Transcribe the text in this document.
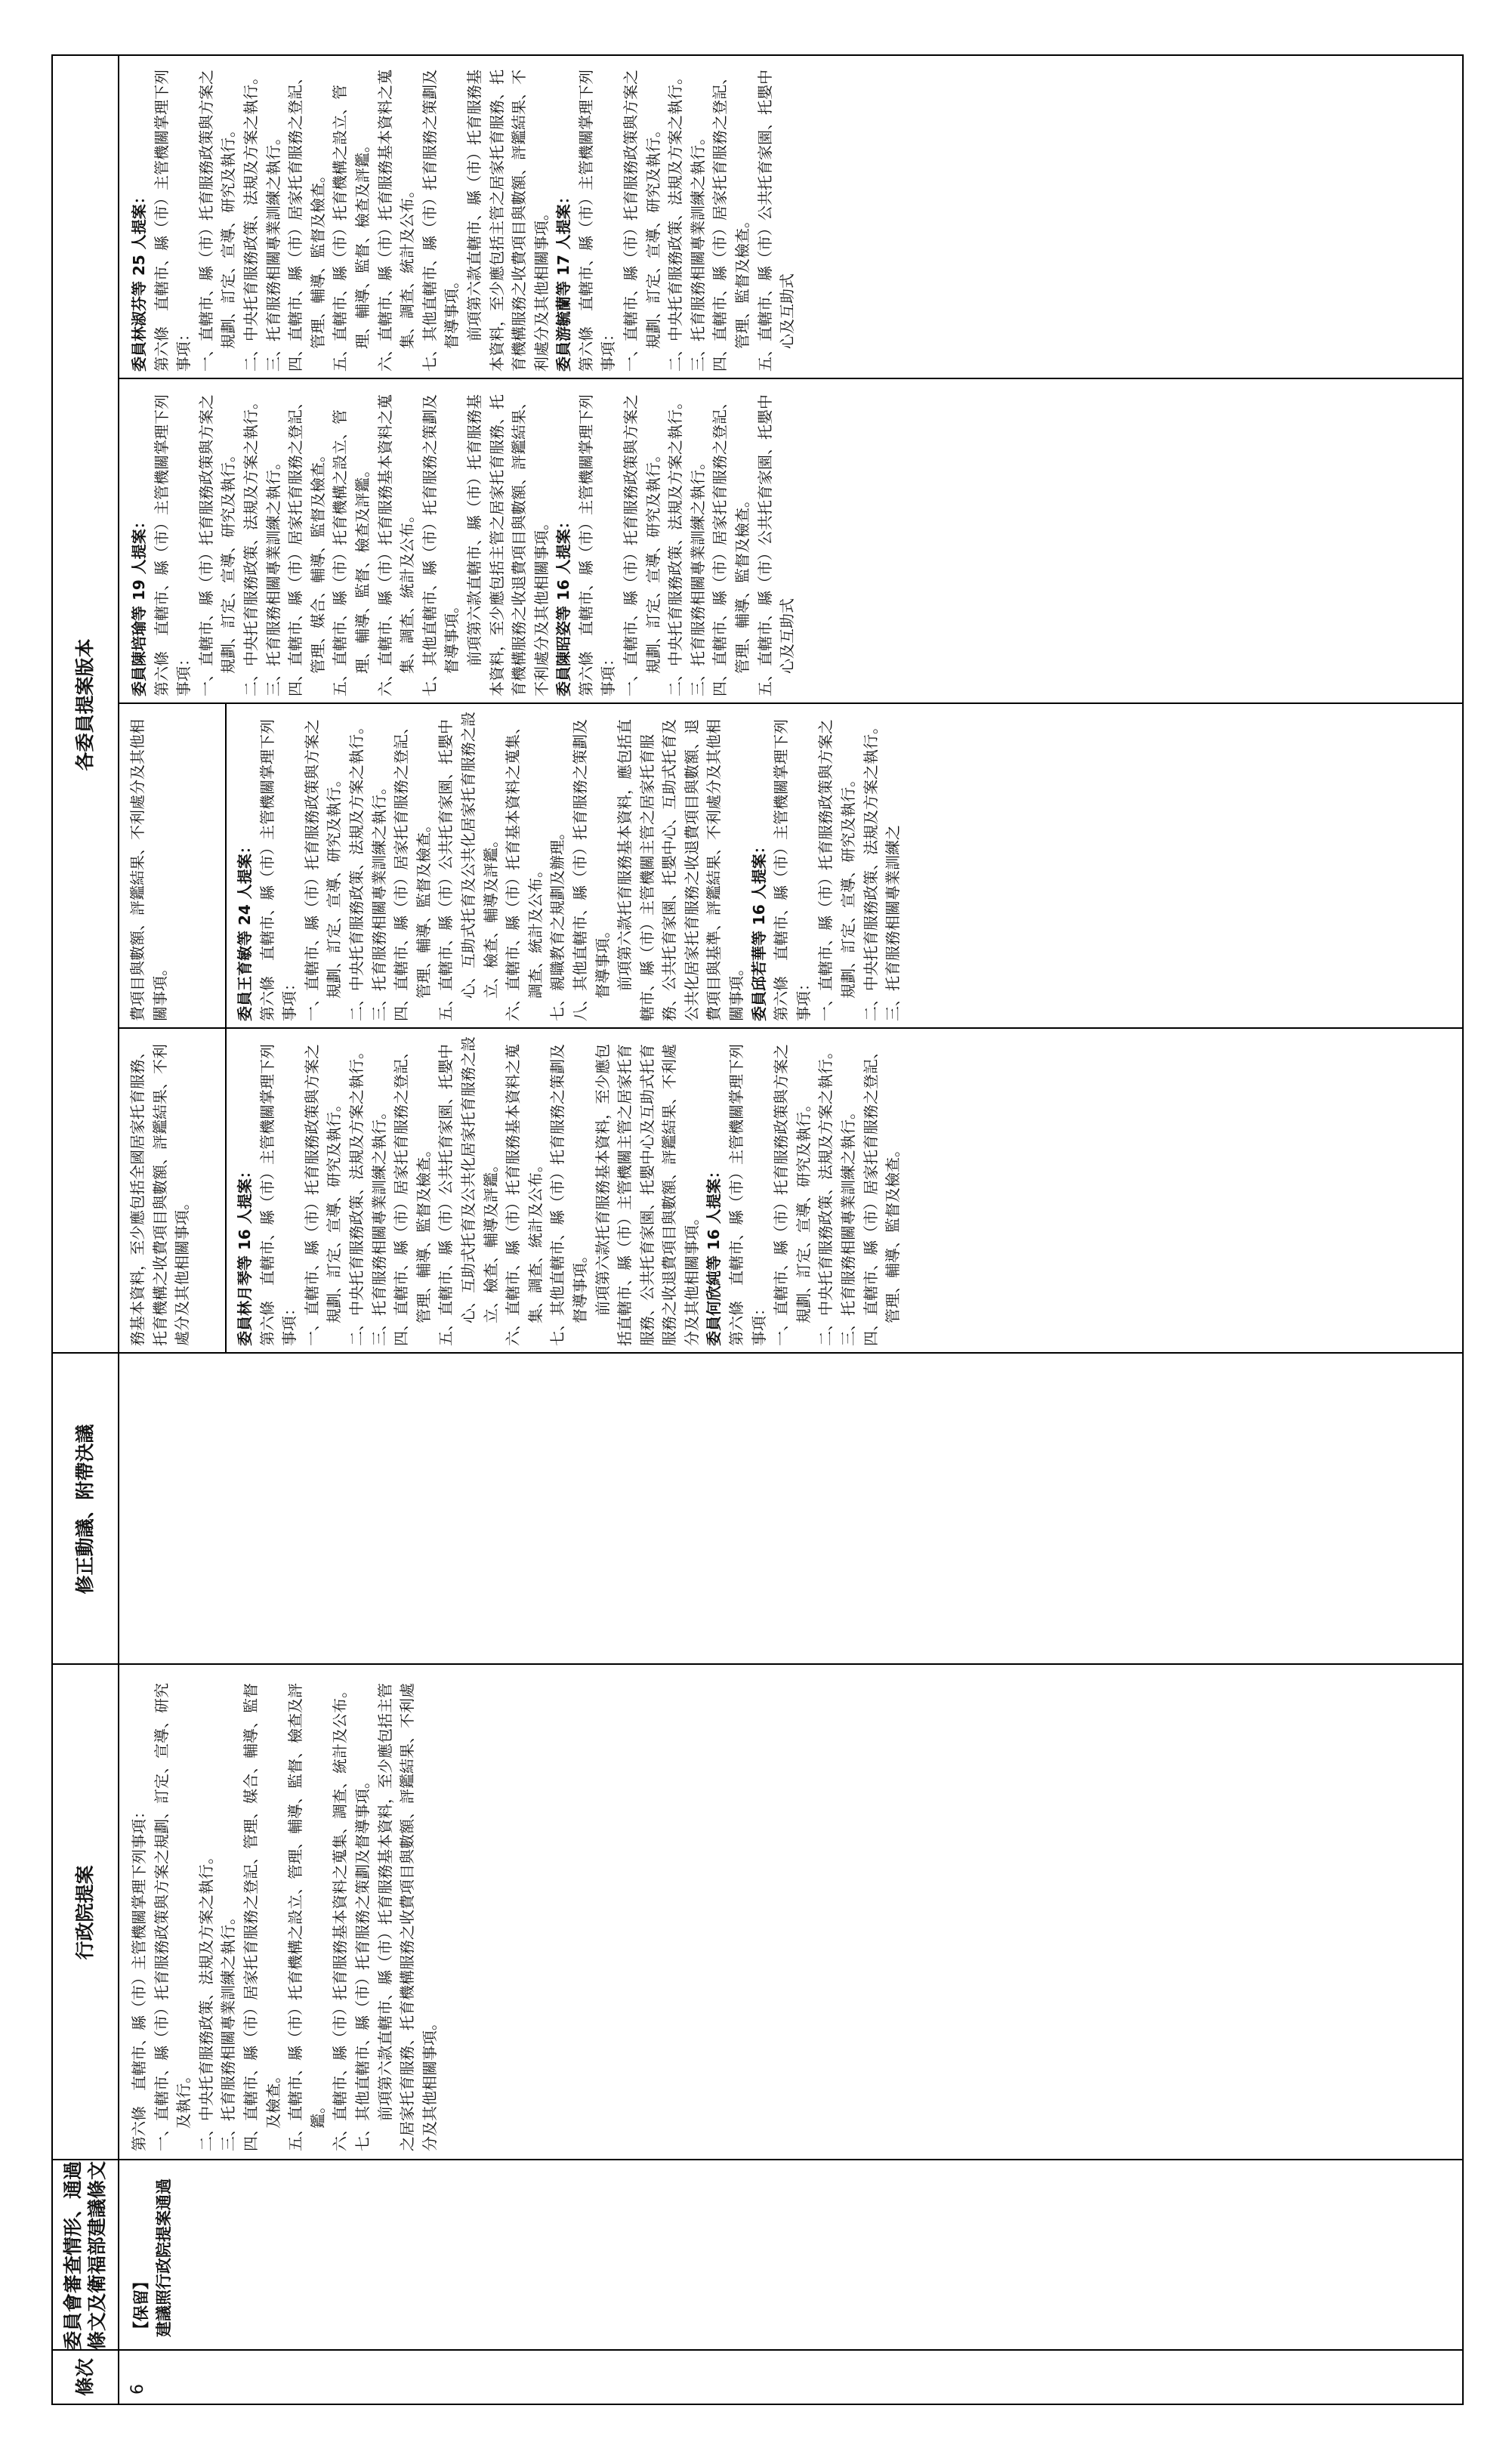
條次
委員會審查情形、通過條文及衛福部建議條文
行政院提案
修正動議、附帶決議
各委員提案版本
6
【保留】 建議照行政院提案通過

第六條　直轄市、縣（市）主管機關掌理下列事項： 一、直轄市、縣（市）托育服務政策與方案之規劃、訂定、宣導、研究及執行。 二、中央托育服務政策、法規及方案之執行。 三、托育服務相關專業訓練之執行。 四、直轄市、縣（市）居家托育服務之登記、管理、媒合、輔導、監督及檢查。 五、直轄市、縣（市）托育機構之設立、管理、輔導、監督、檢查及評鑑。 六、直轄市、縣（市）托育服務基本資料之蒐集、調查、統計及公布。 七、其他直轄市、縣（市）托育服務之策劃及督導事項。 　　前項第六款直轄市、縣（市）托育服務基本資料，至少應包括主管之居家托育服務、托育機構服務之收費項目與數額、評鑑結果、不利處分及其他相關事項。

務基本資料，至少應包括全國居家托育服務、托育機構之收費項目與數額、評鑑結果、不利處分及其他相關事項。
費項目與數額、評鑑結果、不利處分及其他相關事項。

委員林月琴等 16 人提案： 第六條　直轄市、縣（市）主管機關掌理下列事項： 一、直轄市、縣（市）托育服務政策與方案之規劃、訂定、宣導、研究及執行。 二、中央托育服務政策、法規及方案之執行。 三、托育服務相關專業訓練之執行。 四、直轄市、縣（市）居家托育服務之登記、管理、輔導、監督及檢查。 五、直轄市、縣（市）公共托育家園、托嬰中心、互助式托育及公共化居家托育服務之設立、檢查、輔導及評鑑。 六、直轄市、縣（市）托育服務基本資料之蒐集、調查、統計及公布。 七、其他直轄市、縣（市）托育服務之策劃及督導事項。 　　前項第六款托育服務基本資料，至少應包括直轄市、縣（市）主管機關主管之居家托育服務、公共托育家園、托嬰中心及互助式托育服務之收退費項目與數額、評鑑結果、不利處分及其他相關事項。 委員何欣純等 16 人提案： 第六條　直轄市、縣（市）主管機關掌理下列事項： 一、直轄市、縣（市）托育服務政策與方案之規劃、訂定、宣導、研究及執行。 二、中央托育服務政策、法規及方案之執行。 三、托育服務相關專業訓練之執行。 四、直轄市、縣（市）居家托育服務之登記、管理、輔導、監督及檢查。

委員王育敏等 24 人提案： 第六條　直轄市、縣（市）主管機關掌理下列事項： 一、直轄市、縣（市）托育服務政策與方案之規劃、訂定、宣導、研究及執行。 二、中央托育服務政策、法規及方案之執行。 三、托育服務相關專業訓練之執行。 四、直轄市、縣（市）居家托育服務之登記、管理、輔導、監督及檢查。 五、直轄市、縣（市）公共托育家園、托嬰中心、互助式托育及公共化居家托育服務之設立、檢查、輔導及評鑑。 六、直轄市、縣（市）托育基本資料之蒐集、調查、統計及公布。 七、親職教育之規劃及辦理。 八、其他直轄市、縣（市）托育服務之策劃及督導事項。 　　前項第六款托育服務基本資料，應包括直轄市、縣（市）主管機關主管之居家托育服務、公共托育家園、托嬰中心、互助式托育及公共化居家托育服務之收退費項目與數額、退費項目與基準、評鑑結果、不利處分及其他相關事項。 委員邱若華等 16 人提案： 第六條　直轄市、縣（市）主管機關掌理下列事項： 一、直轄市、縣（市）托育服務政策與方案之規劃、訂定、宣導、研究及執行。 二、中央托育服務政策、法規及方案之執行。 三、托育服務相關專業訓練之

委員陳培瑜等 19 人提案： 第六條　直轄市、縣（市）主管機關掌理下列事項： 一、直轄市、縣（市）托育服務政策與方案之規劃、訂定、宣導、研究及執行。 二、中央托育服務政策、法規及方案之執行。 三、托育服務相關專業訓練之執行。 四、直轄市、縣（市）居家托育服務之登記、管理、媒合、輔導、監督及檢查。 五、直轄市、縣（市）托育機構之設立、管理、輔導、監督、檢查及評鑑。 六、直轄市、縣（市）托育服務基本資料之蒐集、調查、統計及公布。 七、其他直轄市、縣（市）托育服務之策劃及督導事項。 　　前項第六款直轄市、縣（市）托育服務基本資料，至少應包括主管之居家托育服務、托育機構服務之收退費項目與數額、評鑑結果、不利處分及其他相關事項。 委員陳昭姿等 16 人提案： 第六條　直轄市、縣（市）主管機關掌理下列事項： 一、直轄市、縣（市）托育服務政策與方案之規劃、訂定、宣導、研究及執行。 二、中央托育服務政策、法規及方案之執行。 三、托育服務相關專業訓練之執行。 四、直轄市、縣（市）居家托育服務之登記、管理、輔導、監督及檢查。 五、直轄市、縣（市）公共托育家園、托嬰中心及互助式

委員林淑芬等 25 人提案： 第六條　直轄市、縣（市）主管機關掌理下列事項： 一、直轄市、縣（市）托育服務政策與方案之規劃、訂定、宣導、研究及執行。 二、中央托育服務政策、法規及方案之執行。 三、托育服務相關專業訓練之執行。 四、直轄市、縣（市）居家托育服務之登記、管理、輔導、監督及檢查。 五、直轄市、縣（市）托育機構之設立、管理、輔導、監督、檢查及評鑑。 六、直轄市、縣（市）托育服務基本資料之蒐集、調查、統計及公布。 七、其他直轄市、縣（市）托育服務之策劃及督導事項。 　　前項第六款直轄市、縣（市）托育服務基本資料，至少應包括主管之居家托育服務、托育機構服務之收費項目與數額、評鑑結果、不利處分及其他相關事項。 委員游毓蘭等 17 人提案： 第六條　直轄市、縣（市）主管機關掌理下列事項： 一、直轄市、縣（市）托育服務政策與方案之規劃、訂定、宣導、研究及執行。 二、中央托育服務政策、法規及方案之執行。 三、托育服務相關專業訓練之執行。 四、直轄市、縣（市）居家托育服務之登記、管理、監督及檢查。 五、直轄市、縣（市）公共托育家園、托嬰中心及互助式
